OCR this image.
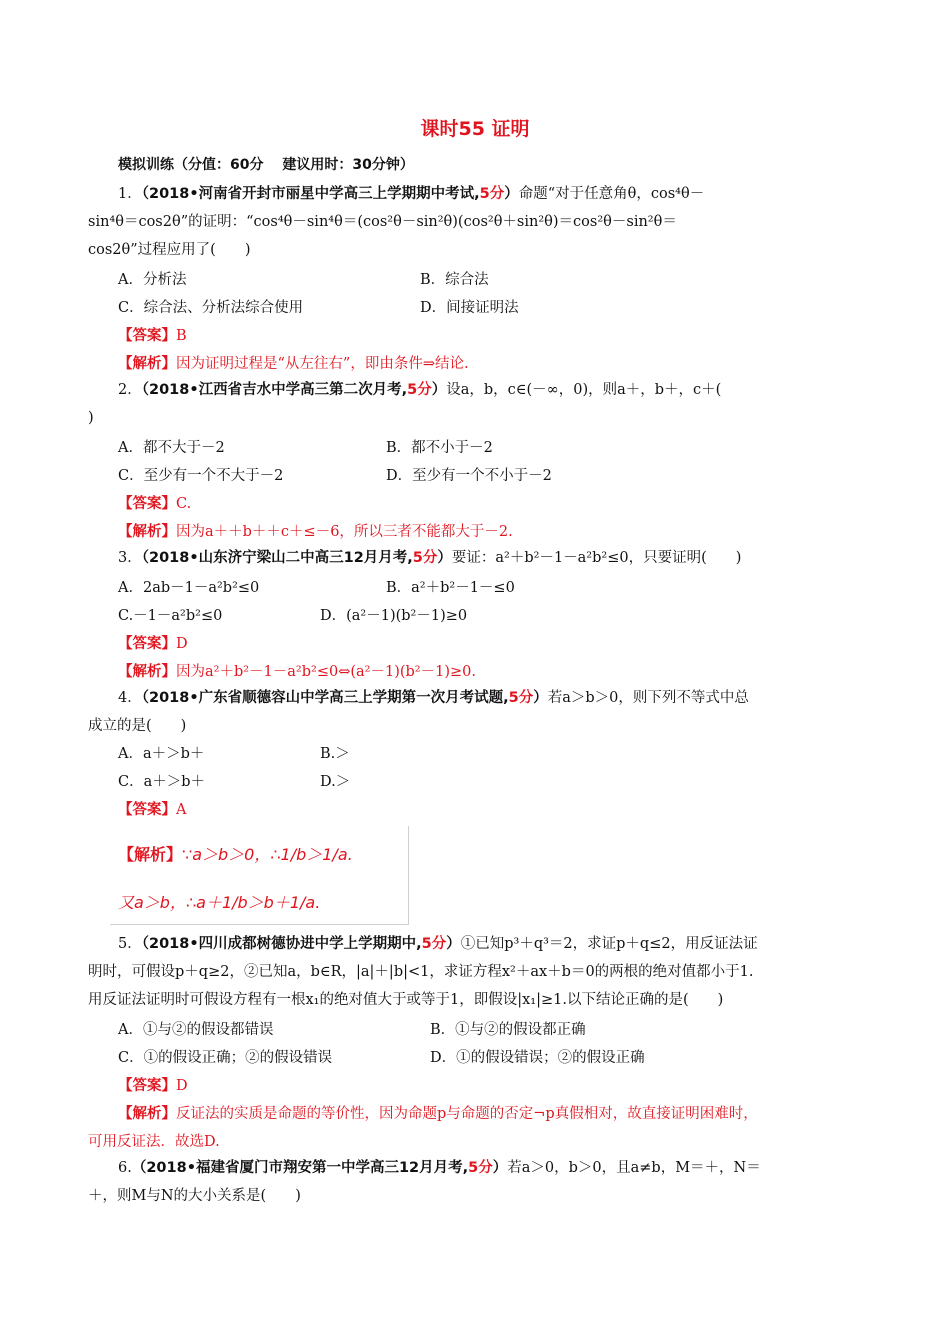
课时55 证明
模拟训练（分值：60分　 建议用时：30分钟）
1．（2018•河南省开封市丽星中学高三上学期期中考试,5分）命题“对于任意角θ，cos⁴θ－
sin⁴θ＝cos2θ”的证明：“cos⁴θ－sin⁴θ＝(cos²θ－sin²θ)(cos²θ＋sin²θ)＝cos²θ－sin²θ＝
cos2θ”过程应用了(　　)
A．分析法	B．综合法
C．综合法、分析法综合使用	D．间接证明法
【答案】B
【解析】因为证明过程是“从左往右”，即由条件⇒结论.
2．（2018•江西省吉水中学高三第二次月考,5分）设a，b，c∈(－∞，0)，则a＋，b＋，c＋(
)
A．都不大于－2	B．都不小于－2
C．至少有一个不大于－2	D．至少有一个不小于－2
【答案】C.
【解析】因为a＋＋b＋＋c＋≤－6，所以三者不能都大于－2.
3．（2018•山东济宁梁山二中高三12月月考,5分）要证：a²＋b²－1－a²b²≤0，只要证明(　　)
A．2ab－1－a²b²≤0	B．a²＋b²－1－≤0
C.－1－a²b²≤0	D．(a²－1)(b²－1)≥0
【答案】D
【解析】因为a²＋b²－1－a²b²≤0⇔(a²－1)(b²－1)≥0.
4．（2018•广东省顺德容山中学高三上学期第一次月考试题,5分）若a＞b＞0，则下列不等式中总
成立的是(　　)
A．a＋＞b＋	B.＞
C．a＋＞b＋	D.＞
【答案】A
【解析】∵a＞b＞0，∴1/b＞1/a.
又a＞b，∴a＋1/b＞b＋1/a.
5．（2018•四川成都树德协进中学上学期期中,5分）①已知p³＋q³＝2，求证p＋q≤2，用反证法证
明时，可假设p＋q≥2，②已知a，b∈R，|a|＋|b|<1，求证方程x²＋ax＋b＝0的两根的绝对值都小于1.
用反证法证明时可假设方程有一根x₁的绝对值大于或等于1，即假设|x₁|≥1.以下结论正确的是(　　)
A．①与②的假设都错误	B．①与②的假设都正确
C．①的假设正确；②的假设错误	D．①的假设错误；②的假设正确
【答案】D
【解析】反证法的实质是命题的等价性，因为命题p与命题的否定¬p真假相对，故直接证明困难时，
可用反证法．故选D.
6.（2018•福建省厦门市翔安第一中学高三12月月考,5分）若a＞0，b＞0，且a≠b，M＝＋，N＝
＋，则M与N的大小关系是(　　)
